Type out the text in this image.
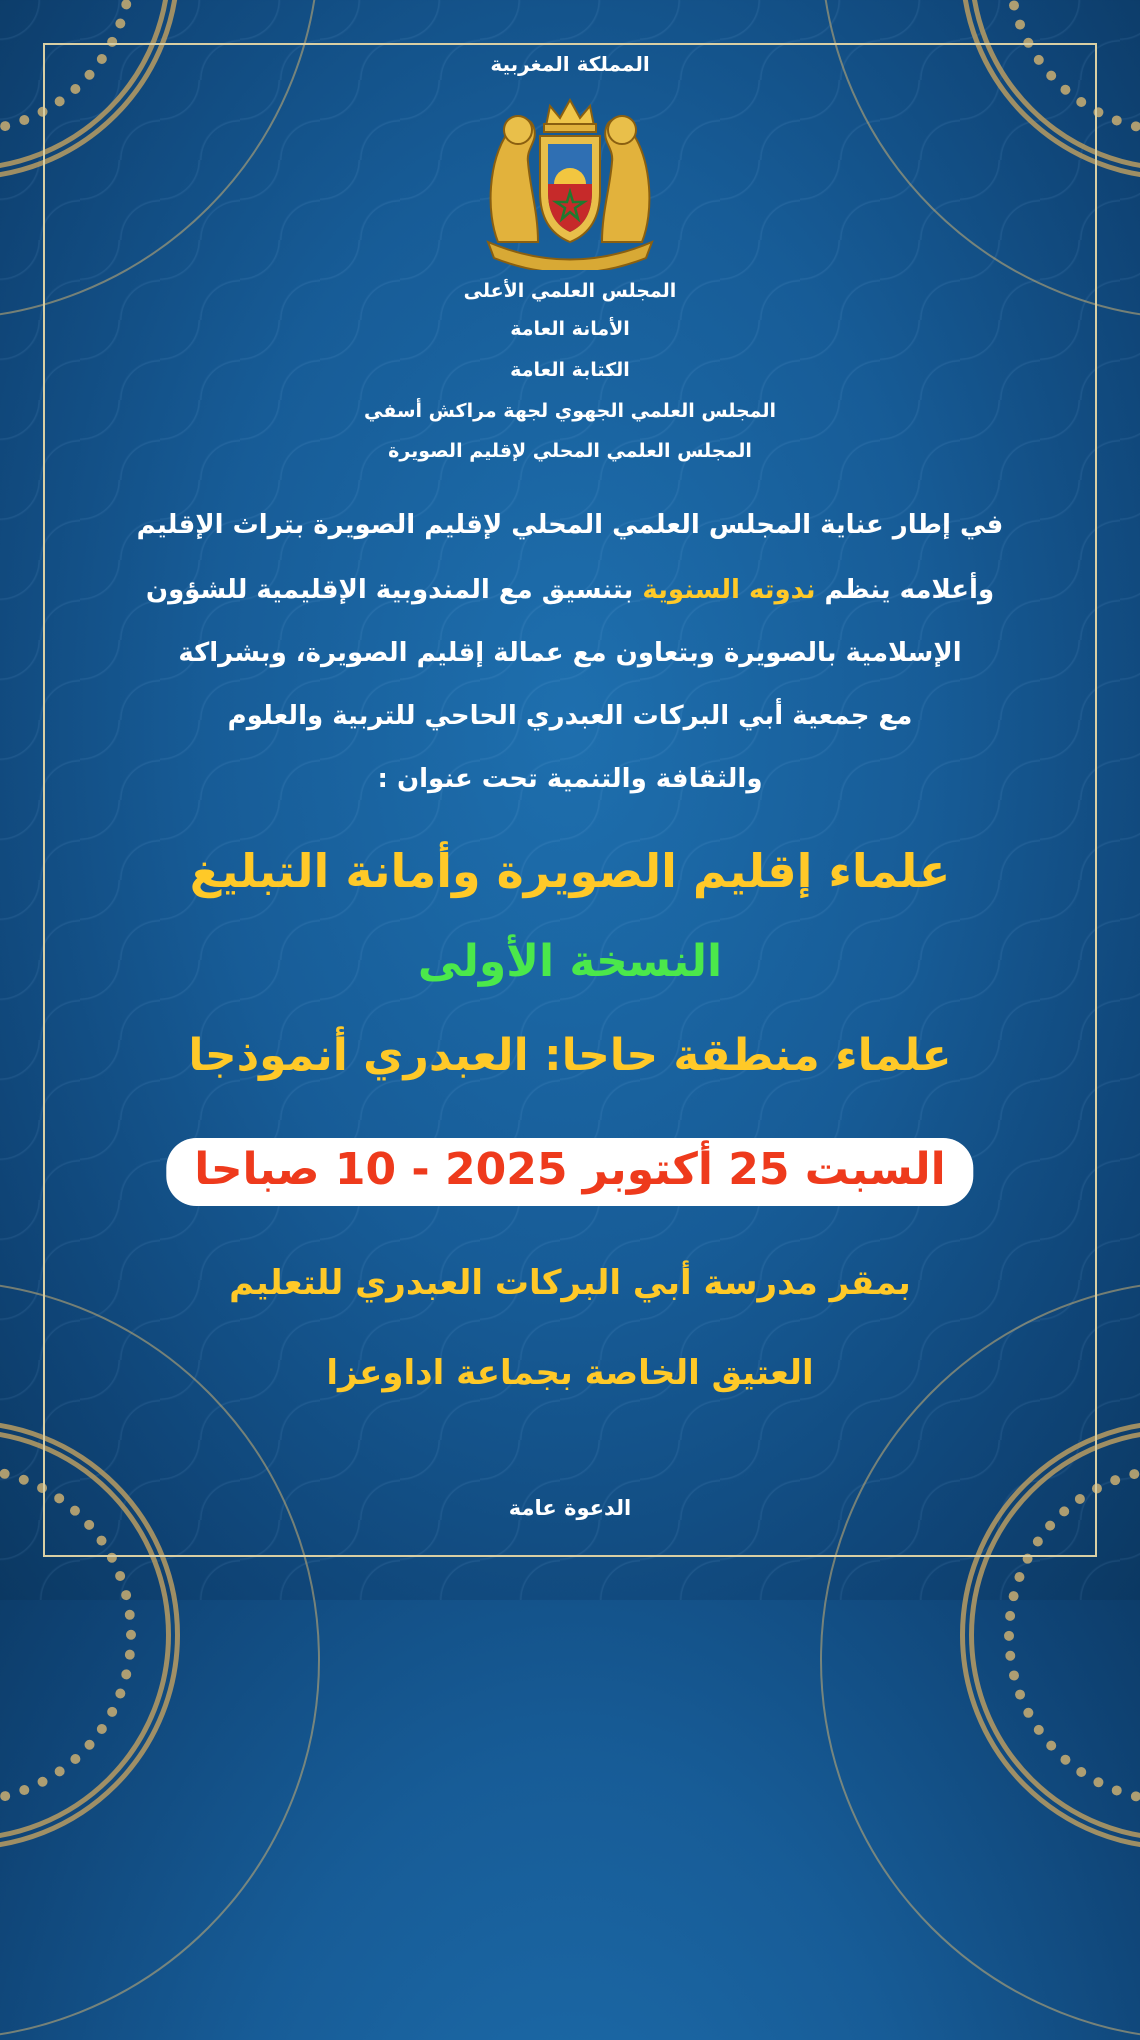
المملكة المغربية
المجلس العلمي الأعلى
الأمانة العامة
الكتابة العامة
المجلس العلمي الجهوي لجهة مراكش أسفي
المجلس العلمي المحلي لإقليم الصويرة
في إطار عناية المجلس العلمي المحلي لإقليم الصويرة بتراث الإقليم
وأعلامه ينظم ندوته السنوية بتنسيق مع المندوبية الإقليمية للشؤون
الإسلامية بالصويرة وبتعاون مع عمالة إقليم الصويرة، وبشراكة
مع جمعية أبي البركات العبدري الحاحي للتربية والعلوم
والثقافة والتنمية تحت عنوان :
علماء إقليم الصويرة وأمانة التبليغ
النسخة الأولى
علماء منطقة حاحا: العبدري أنموذجا
السبت 25 أكتوبر 2025 - 10 صباحا
بمقر مدرسة أبي البركات العبدري للتعليم
العتيق الخاصة بجماعة اداوعزا
الدعوة عامة
